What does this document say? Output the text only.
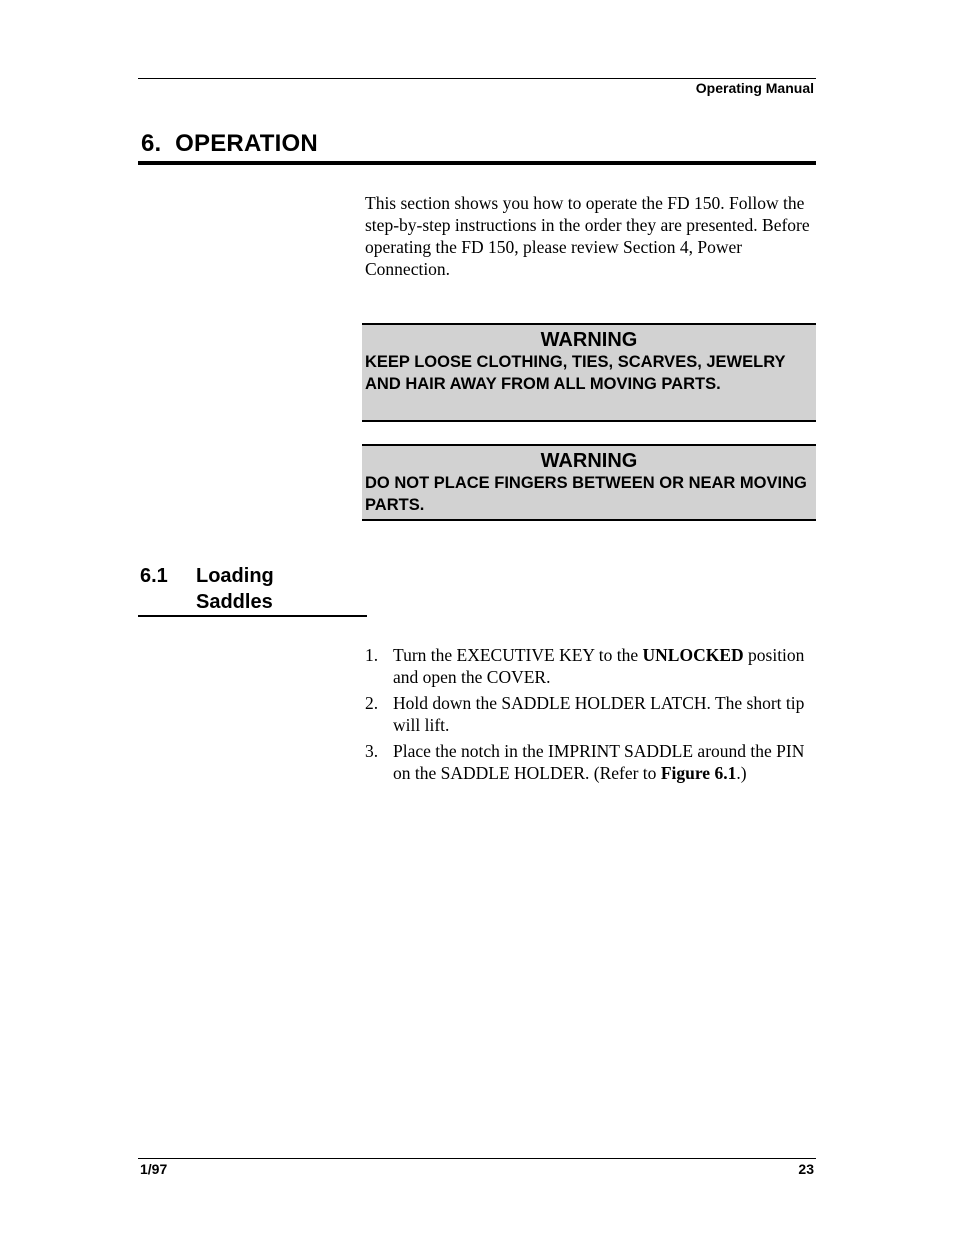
Operating Manual
6.  OPERATION
This section shows you how to operate the FD 150. Follow the step-by-step instructions in the order they are presented. Before operating the FD 150, please review Section 4, Power Connection.
WARNING
KEEP LOOSE CLOTHING, TIES, SCARVES, JEWELRY AND HAIR AWAY FROM ALL MOVING PARTS.
WARNING
DO NOT PLACE FINGERS BETWEEN OR NEAR MOVING PARTS.
6.1 Loading Saddles
1. Turn the EXECUTIVE KEY to the UNLOCKED position and open the COVER.
2. Hold down the SADDLE HOLDER LATCH. The short tip will lift.
3. Place the notch in the IMPRINT SADDLE around the PIN on the SADDLE HOLDER. (Refer to Figure 6.1.)
1/97	23
